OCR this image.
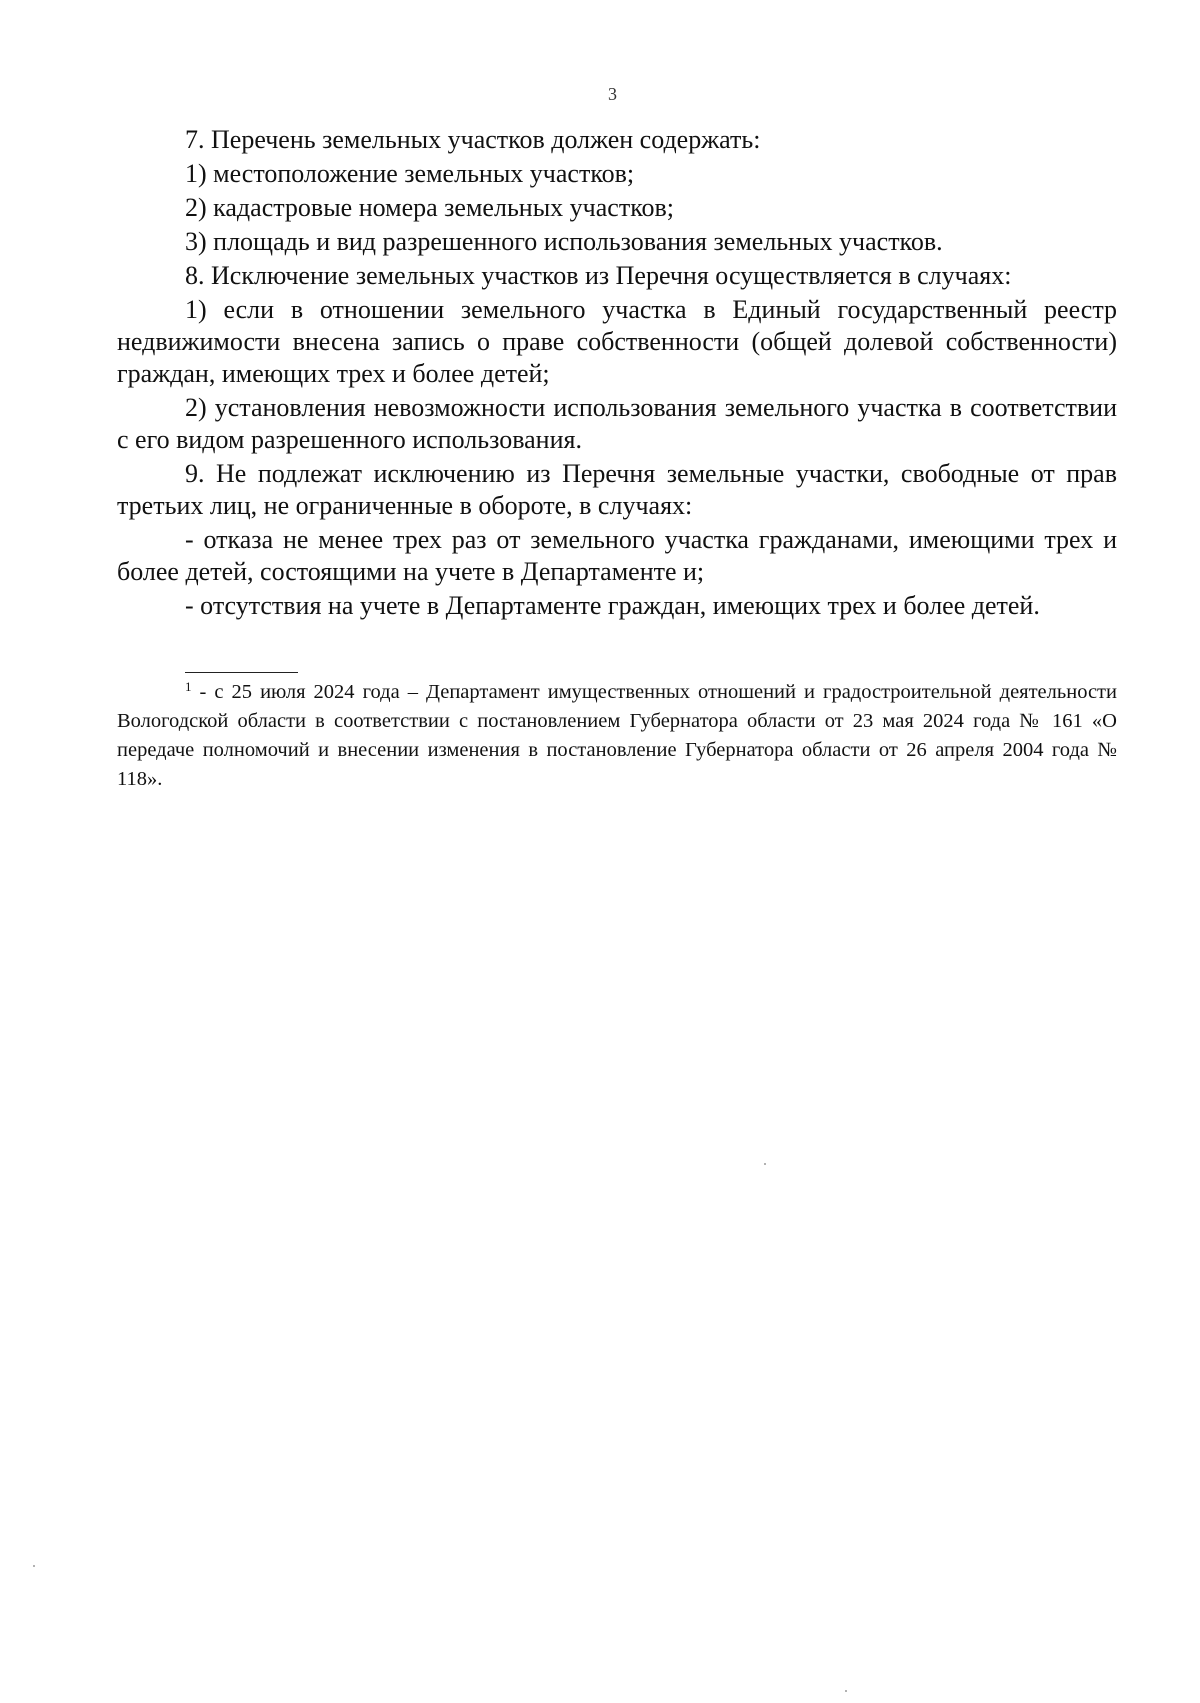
3

7. Перечень земельных участков должен содержать:

1) местоположение земельных участков;

2) кадастровые номера земельных участков;

3) площадь и вид разрешенного использования земельных участков.

8. Исключение земельных участков из Перечня осуществляется в случаях:

1) если в отношении земельного участка в Единый государственный реестр недвижимости внесена запись о праве собственности (общей долевой собственности) граждан, имеющих трех и более детей;

2) установления невозможности использования земельного участка в соответствии с его видом разрешенного использования.

9. Не подлежат исключению из Перечня земельные участки, свободные от прав третьих лиц, не ограниченные в обороте, в случаях:

- отказа не менее трех раз от земельного участка гражданами, имеющими трех и более детей, состоящими на учете в Департаменте и;

- отсутствия на учете в Департаменте граждан, имеющих трех и более детей.

$^1$ - с 25 июля 2024 года – Департамент имущественных отношений и градостроительной деятельности Вологодской области в соответствии с постановлением Губернатора области от 23 мая 2024 года № 161 «О передаче полномочий и внесении изменения в постановление Губернатора области от 26 апреля 2004 года № 118».
